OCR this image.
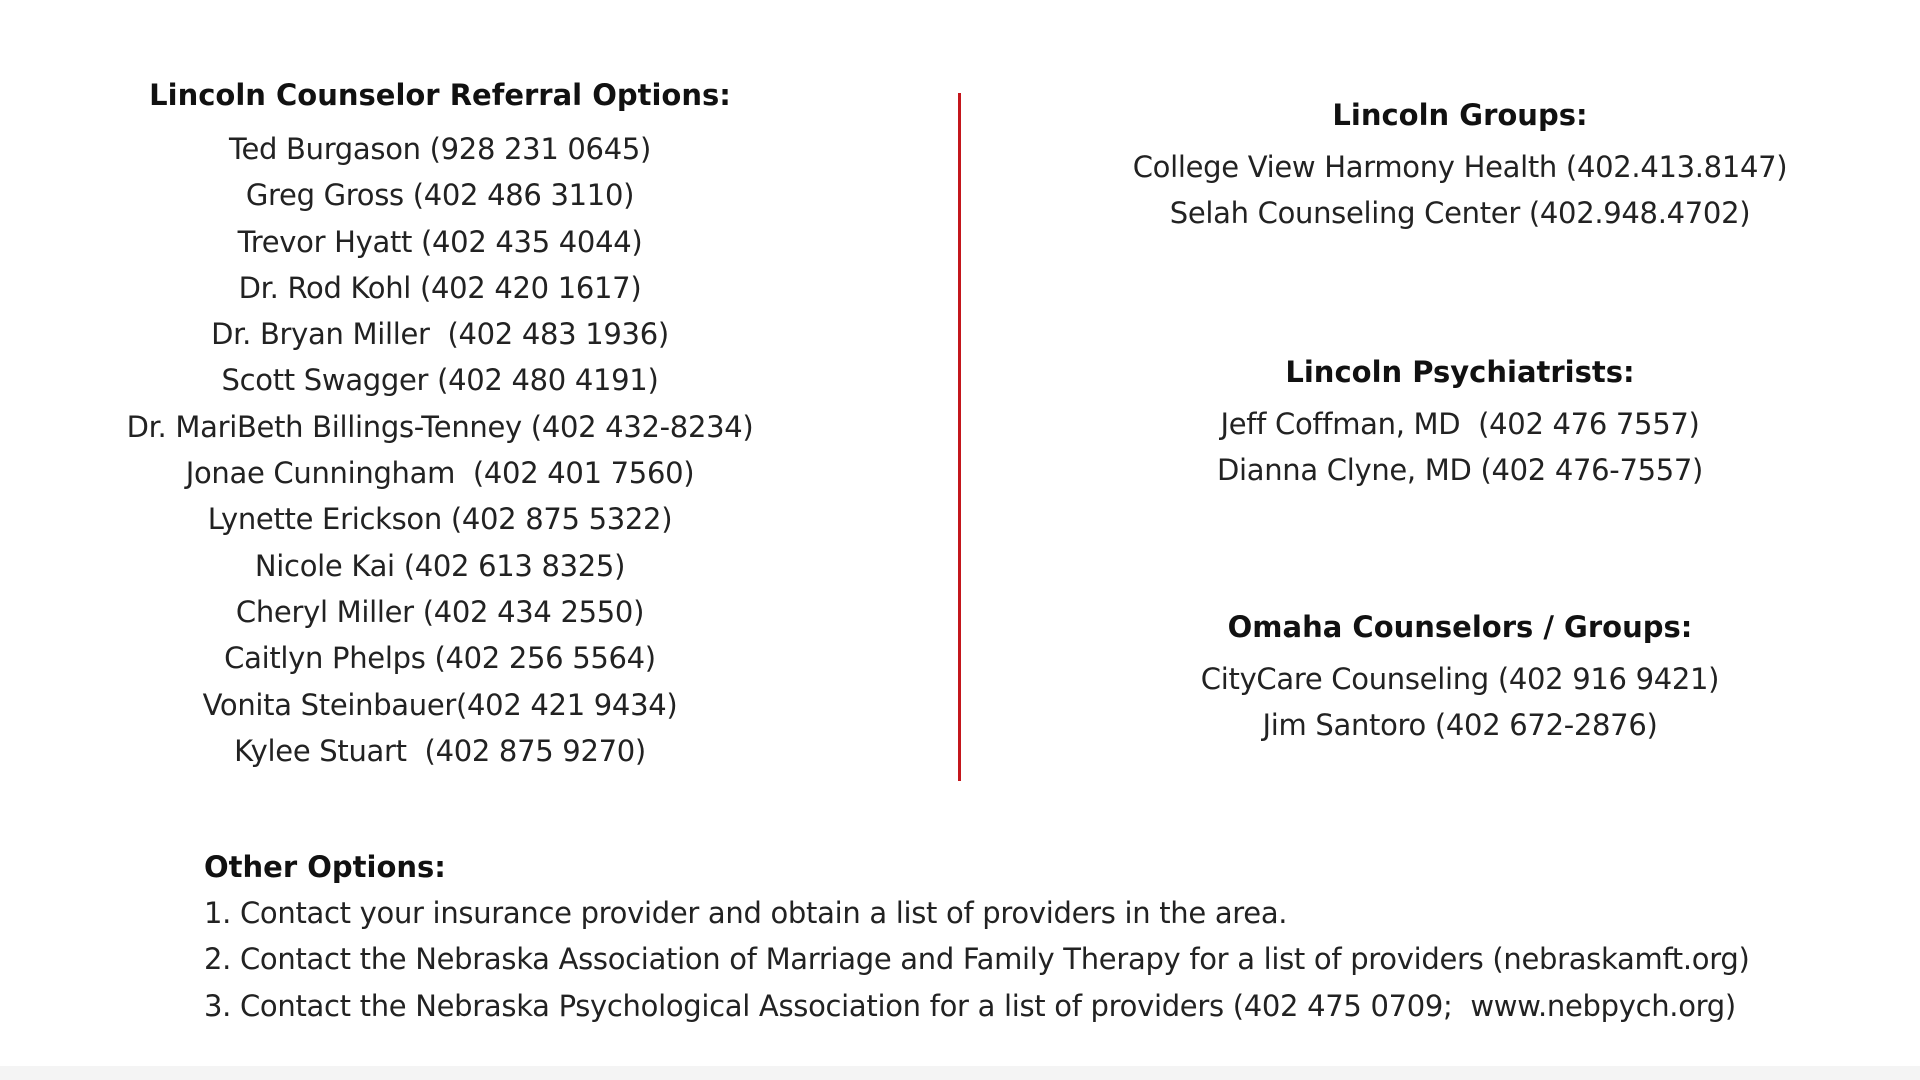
Lincoln Counselor Referral Options:

Ted Burgason (928 231 0645)

Greg Gross (402 486 3110)

Trevor Hyatt (402 435 4044)

Dr. Rod Kohl (402 420 1617)

Dr. Bryan Miller  (402 483 1936)

Scott Swagger (402 480 4191)

Dr. MariBeth Billings-Tenney (402 432-8234)

Jonae Cunningham  (402 401 7560)

Lynette Erickson (402 875 5322)

Nicole Kai (402 613 8325)

Cheryl Miller (402 434 2550)

Caitlyn Phelps (402 256 5564)

Vonita Steinbauer(402 421 9434)

Kylee Stuart  (402 875 9270)

Lincoln Groups:

College View Harmony Health (402.413.8147)

Selah Counseling Center (402.948.4702)

Lincoln Psychiatrists:

Jeff Coffman, MD  (402 476 7557)

Dianna Clyne, MD (402 476-7557)

Omaha Counselors / Groups:

CityCare Counseling (402 916 9421)

Jim Santoro (402 672-2876)

Other Options:
1. Contact your insurance provider and obtain a list of providers in the area.
2. Contact the Nebraska Association of Marriage and Family Therapy for a list of providers (nebraskamft.org)
3. Contact the Nebraska Psychological Association for a list of providers (402 475 0709;  www.nebpych.org)
